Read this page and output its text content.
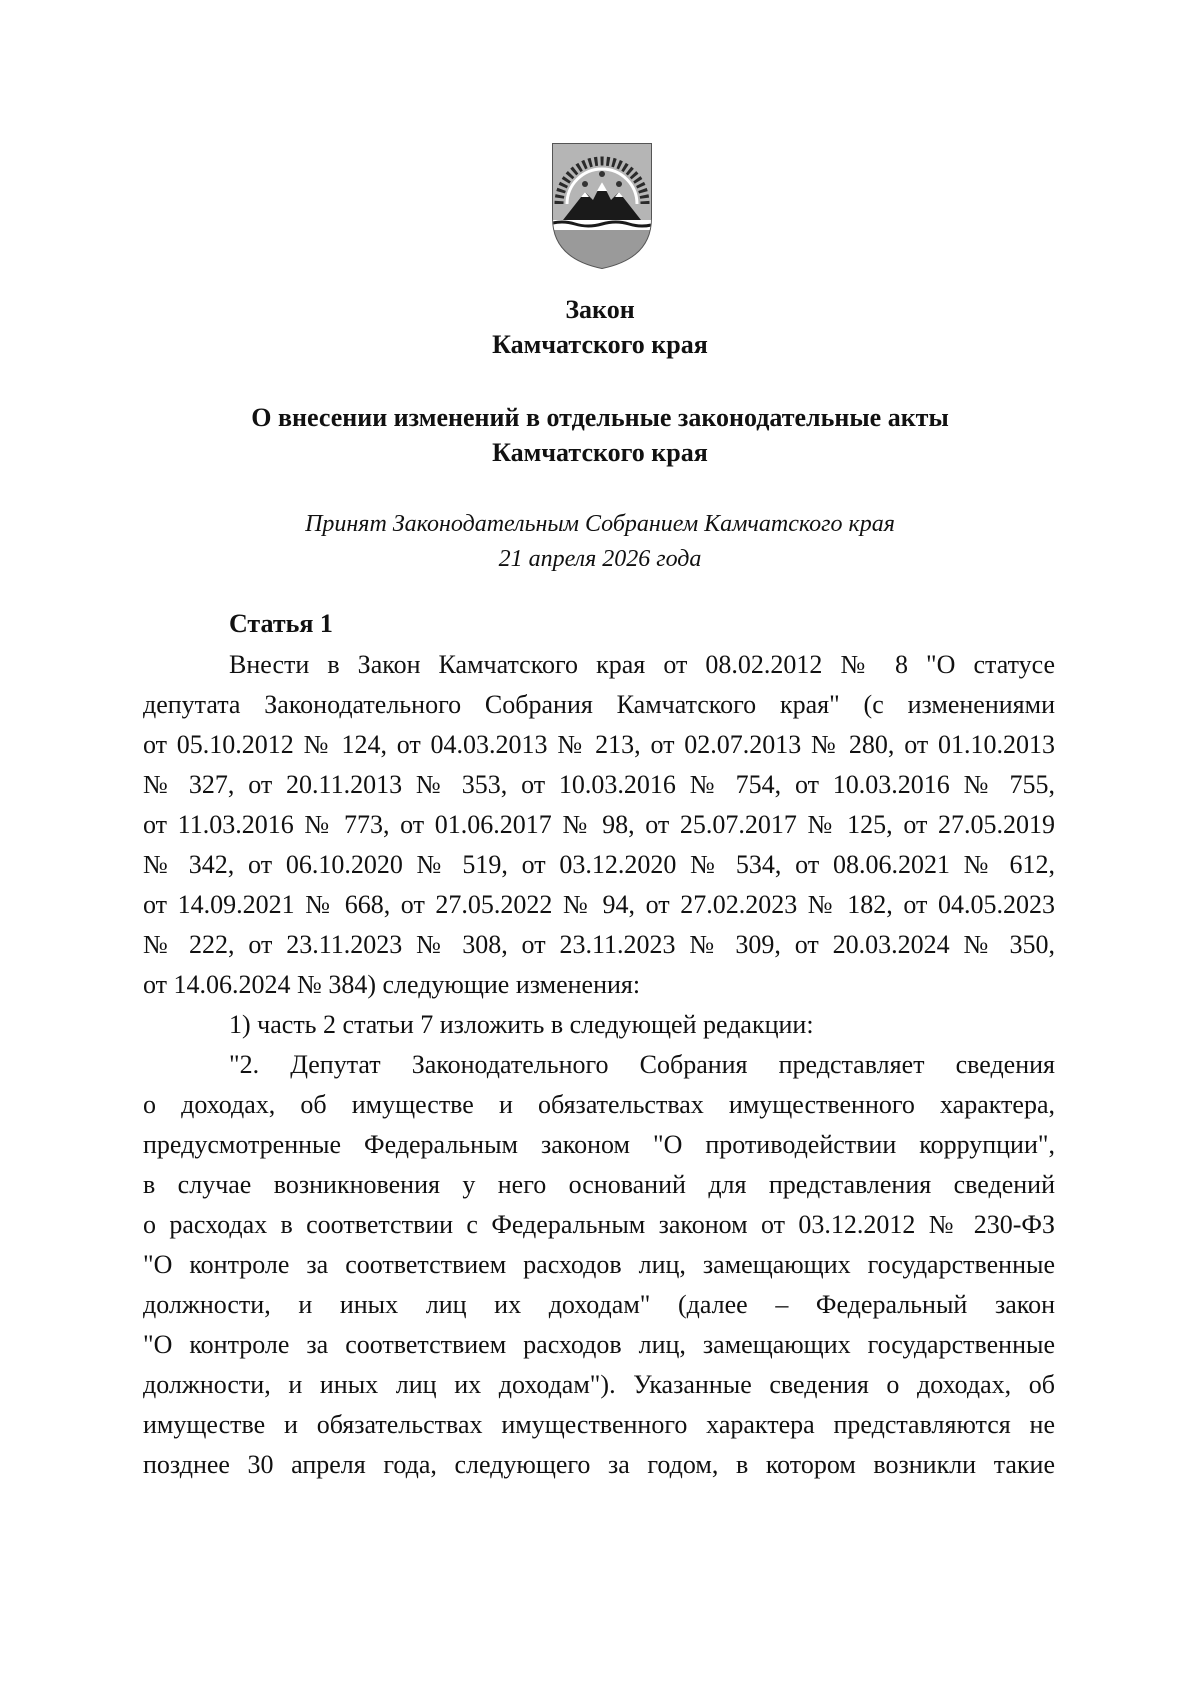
Закон
Камчатского края
О внесении изменений в отдельные законодательные акты
Камчатского края
Принят Законодательным Собранием Камчатского края
21 апреля 2026 года
Статья 1
Внести в Закон Камчатского края от 08.02.2012 № 8 "О статусе
депутата Законодательного Собрания Камчатского края" (с изменениями
от 05.10.2012 № 124, от 04.03.2013 № 213, от 02.07.2013 № 280, от 01.10.2013
№ 327, от 20.11.2013 № 353, от 10.03.2016 № 754, от 10.03.2016 № 755,
от 11.03.2016 № 773, от 01.06.2017 № 98, от 25.07.2017 № 125, от 27.05.2019
№ 342, от 06.10.2020 № 519, от 03.12.2020 № 534, от 08.06.2021 № 612,
от 14.09.2021 № 668, от 27.05.2022 № 94, от 27.02.2023 № 182, от 04.05.2023
№ 222, от 23.11.2023 № 308, от 23.11.2023 № 309, от 20.03.2024 № 350,
от 14.06.2024 № 384) следующие изменения:
1) часть 2 статьи 7 изложить в следующей редакции:
"2. Депутат Законодательного Собрания представляет сведения
о доходах, об имуществе и обязательствах имущественного характера,
предусмотренные Федеральным законом "О противодействии коррупции",
в случае возникновения у него оснований для представления сведений
о расходах в соответствии с Федеральным законом от 03.12.2012 № 230-ФЗ
"О контроле за соответствием расходов лиц, замещающих государственные
должности, и иных лиц их доходам" (далее – Федеральный закон
"О контроле за соответствием расходов лиц, замещающих государственные
должности, и иных лиц их доходам"). Указанные сведения о доходах, об
имуществе и обязательствах имущественного характера представляются не
позднее 30 апреля года, следующего за годом, в котором возникли такие
